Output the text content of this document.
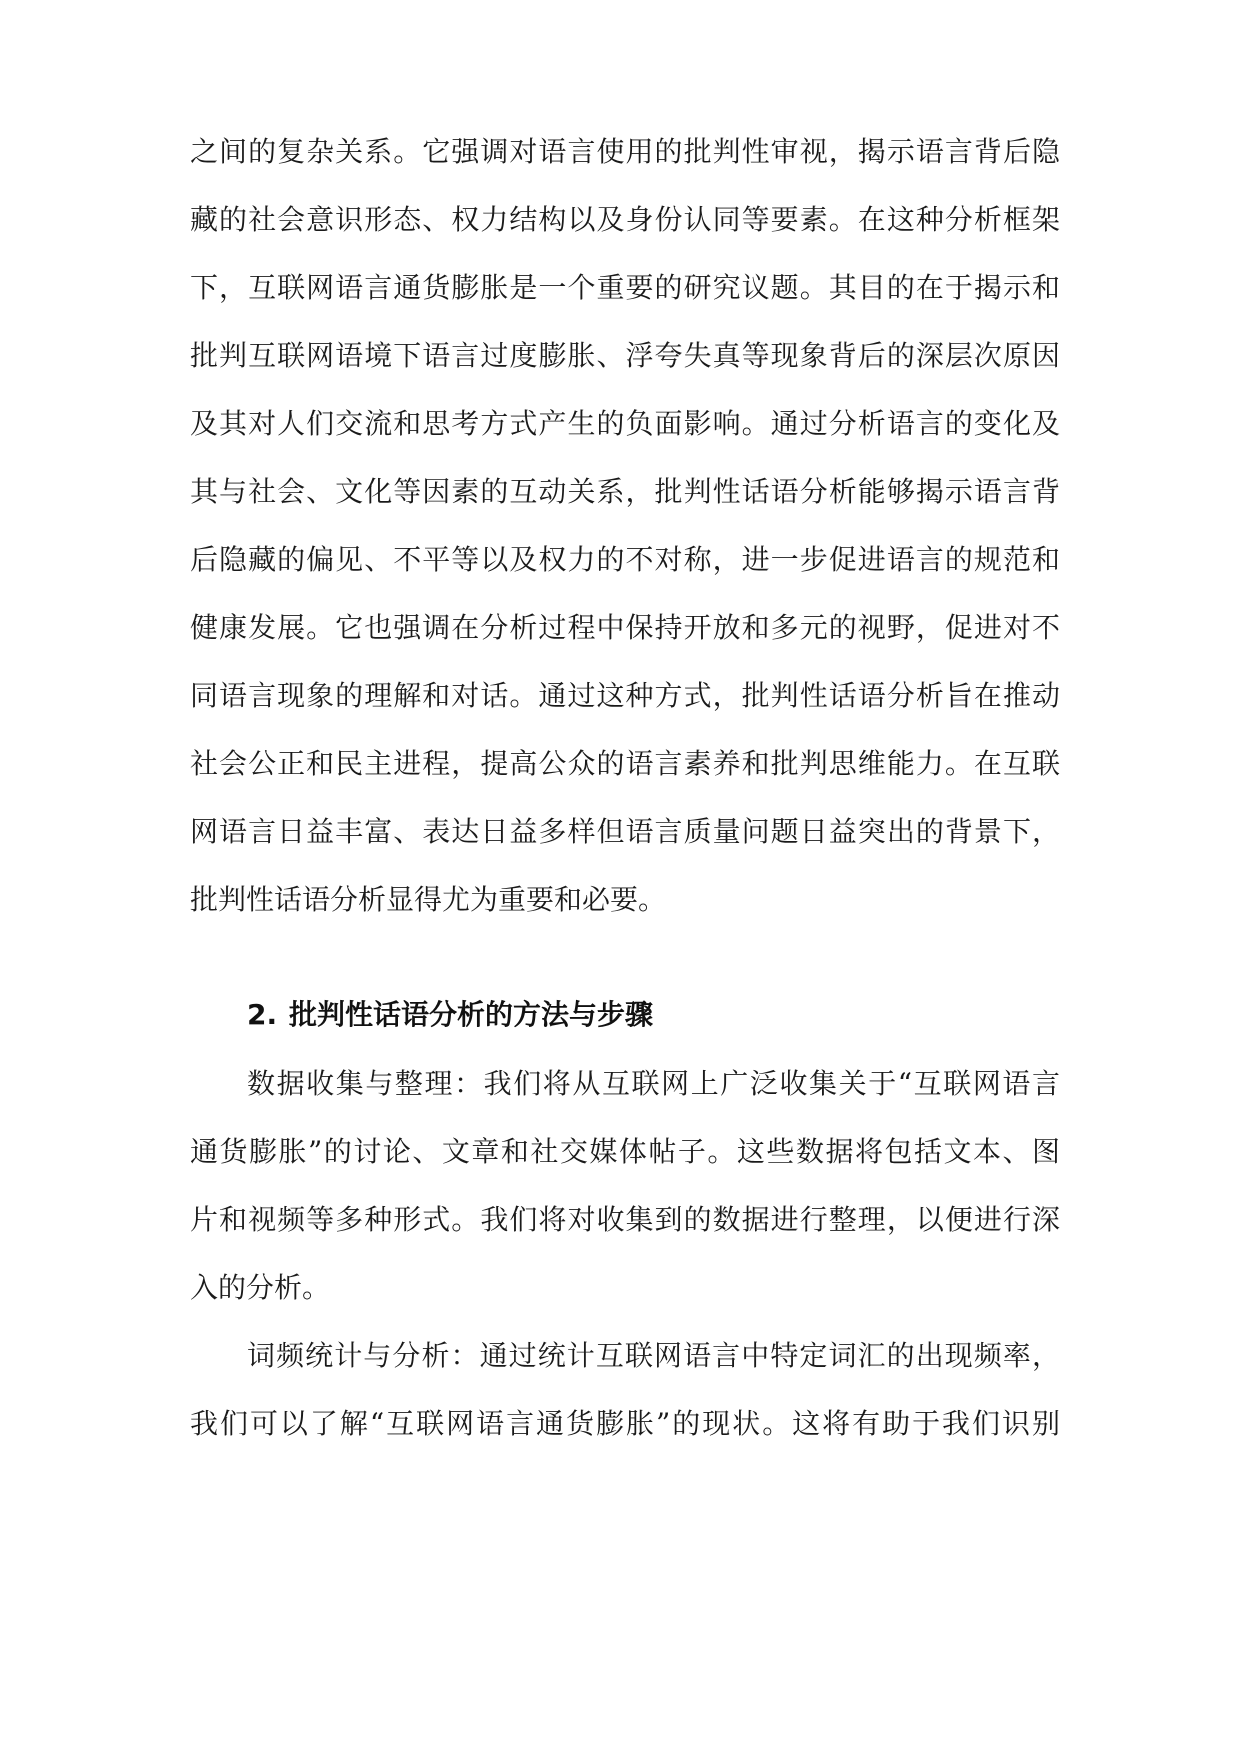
之间的复杂关系。它强调对语言使用的批判性审视，揭示语言背后隐
藏的社会意识形态、权力结构以及身份认同等要素。在这种分析框架
下，互联网语言通货膨胀是一个重要的研究议题。其目的在于揭示和
批判互联网语境下语言过度膨胀、浮夸失真等现象背后的深层次原因
及其对人们交流和思考方式产生的负面影响。通过分析语言的变化及
其与社会、文化等因素的互动关系，批判性话语分析能够揭示语言背
后隐藏的偏见、不平等以及权力的不对称，进一步促进语言的规范和
健康发展。它也强调在分析过程中保持开放和多元的视野，促进对不
同语言现象的理解和对话。通过这种方式，批判性话语分析旨在推动
社会公正和民主进程，提高公众的语言素养和批判思维能力。在互联
网语言日益丰富、表达日益多样但语言质量问题日益突出的背景下，
批判性话语分析显得尤为重要和必要。
2. 批判性话语分析的方法与步骤
数据收集与整理：我们将从互联网上广泛收集关于“互联网语言
通货膨胀”的讨论、文章和社交媒体帖子。这些数据将包括文本、图
片和视频等多种形式。我们将对收集到的数据进行整理，以便进行深
入的分析。
词频统计与分析：通过统计互联网语言中特定词汇的出现频率，
我们可以了解“互联网语言通货膨胀”的现状。这将有助于我们识别
